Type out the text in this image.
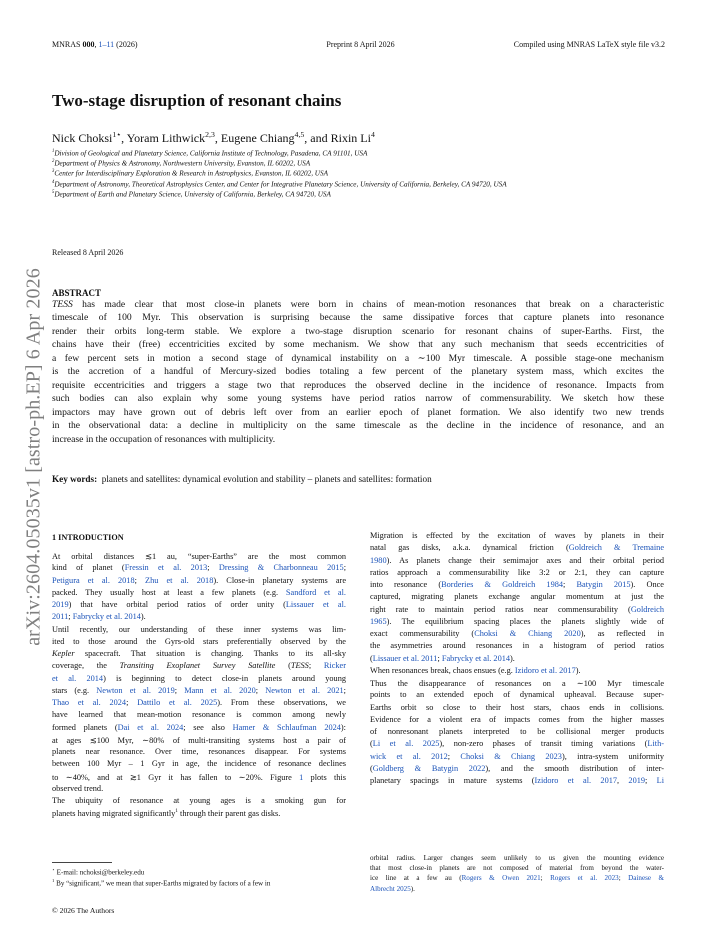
MNRAS 000, 1–11 (2026)	Preprint 8 April 2026	Compiled using MNRAS LaTeX style file v3.2
arXiv:2604.05035v1 [astro-ph.EP] 6 Apr 2026
Two-stage disruption of resonant chains
Nick Choksi$^{1⋆}$, Yoram Lithwick$^{2,3}$, Eugene Chiang$^{4,5}$, and Rixin Li$^4$
$^1$Division of Geological and Planetary Science, California Institute of Technology, Pasadena, CA 91101, USA
$^2$Department of Physics & Astronomy, Northwestern University, Evanston, IL 60202, USA
$^3$Center for Interdisciplinary Exploration & Research in Astrophysics, Evanston, IL 60202, USA
$^4$Department of Astronomy, Theoretical Astrophysics Center, and Center for Integrative Planetary Science, University of California, Berkeley, CA 94720, USA
$^5$Department of Earth and Planetary Science, University of California, Berkeley, CA 94720, USA
Released 8 April 2026
ABSTRACT
TESS has made clear that most close-in planets were born in chains of mean-motion resonances that break on a characteristic
timescale of 100 Myr. This observation is surprising because the same dissipative forces that capture planets into resonance
render their orbits long-term stable. We explore a two-stage disruption scenario for resonant chains of super-Earths. First, the
chains have their (free) eccentricities excited by some mechanism. We show that any such mechanism that seeds eccentricities of
a few percent sets in motion a second stage of dynamical instability on a ∼100 Myr timescale. A possible stage-one mechanism
is the accretion of a handful of Mercury-sized bodies totaling a few percent of the planetary system mass, which excites the
requisite eccentricities and triggers a stage two that reproduces the observed decline in the incidence of resonance. Impacts from
such bodies can also explain why some young systems have period ratios narrow of commensurability. We sketch how these
impactors may have grown out of debris left over from an earlier epoch of planet formation. We also identify two new trends
in the observational data: a decline in multiplicity on the same timescale as the decline in the incidence of resonance, and an
increase in the occupation of resonances with multiplicity.
Key words: planets and satellites: dynamical evolution and stability – planets and satellites: formation
1 INTRODUCTION
At orbital distances ≲1 au, “super-Earths” are the most common
kind of planet (Fressin et al. 2013; Dressing & Charbonneau 2015;
Petigura et al. 2018; Zhu et al. 2018). Close-in planetary systems are
packed. They usually host at least a few planets (e.g. Sandford et al.
2019) that have orbital period ratios of order unity (Lissauer et al.
2011; Fabrycky et al. 2014).
Until recently, our understanding of these inner systems was lim-
ited to those around the Gyrs-old stars preferentially observed by the
Kepler spacecraft. That situation is changing. Thanks to its all-sky
coverage, the Transiting Exoplanet Survey Satellite (TESS; Ricker
et al. 2014) is beginning to detect close-in planets around young
stars (e.g. Newton et al. 2019; Mann et al. 2020; Newton et al. 2021;
Thao et al. 2024; Dattilo et al. 2025). From these observations, we
have learned that mean-motion resonance is common among newly
formed planets (Dai et al. 2024; see also Hamer & Schlaufman 2024):
at ages ≲100 Myr, ∼80% of multi-transiting systems host a pair of
planets near resonance. Over time, resonances disappear. For systems
between 100 Myr – 1 Gyr in age, the incidence of resonance declines
to ∼40%, and at ≳1 Gyr it has fallen to ∼20%. Figure 1 plots this
observed trend.
The ubiquity of resonance at young ages is a smoking gun for
planets having migrated significantly$^1$ through their parent gas disks.
Migration is effected by the excitation of waves by planets in their
natal gas disks, a.k.a. dynamical friction (Goldreich & Tremaine
1980). As planets change their semimajor axes and their orbital period
ratios approach a commensurability like 3:2 or 2:1, they can capture
into resonance (Borderies & Goldreich 1984; Batygin 2015). Once
captured, migrating planets exchange angular momentum at just the
right rate to maintain period ratios near commensurability (Goldreich
1965). The equilibrium spacing places the planets slightly wide of
exact commensurability (Choksi & Chiang 2020), as reflected in
the asymmetries around resonances in a histogram of period ratios
(Lissauer et al. 2011; Fabrycky et al. 2014).
When resonances break, chaos ensues (e.g. Izidoro et al. 2017).
Thus the disappearance of resonances on a ∼100 Myr timescale
points to an extended epoch of dynamical upheaval. Because super-
Earths orbit so close to their host stars, chaos ends in collisions.
Evidence for a violent era of impacts comes from the higher masses
of nonresonant planets interpreted to be collisional merger products
(Li et al. 2025), non-zero phases of transit timing variations (Lith-
wick et al. 2012; Choksi & Chiang 2023), intra-system uniformity
(Goldberg & Batygin 2022), and the smooth distribution of inter-
planetary spacings in mature systems (Izidoro et al. 2017, 2019; Li
⋆ E-mail: nchoksi@berkeley.edu
$^1$ By “significant,” we mean that super-Earths migrated by factors of a few in
orbital radius. Larger changes seem unlikely to us given the mounting evidence
that most close-in planets are not composed of material from beyond the water-
ice line at a few au (Rogers & Owen 2021; Rogers et al. 2023; Dainese &
Albrecht 2025).
© 2026 The Authors
